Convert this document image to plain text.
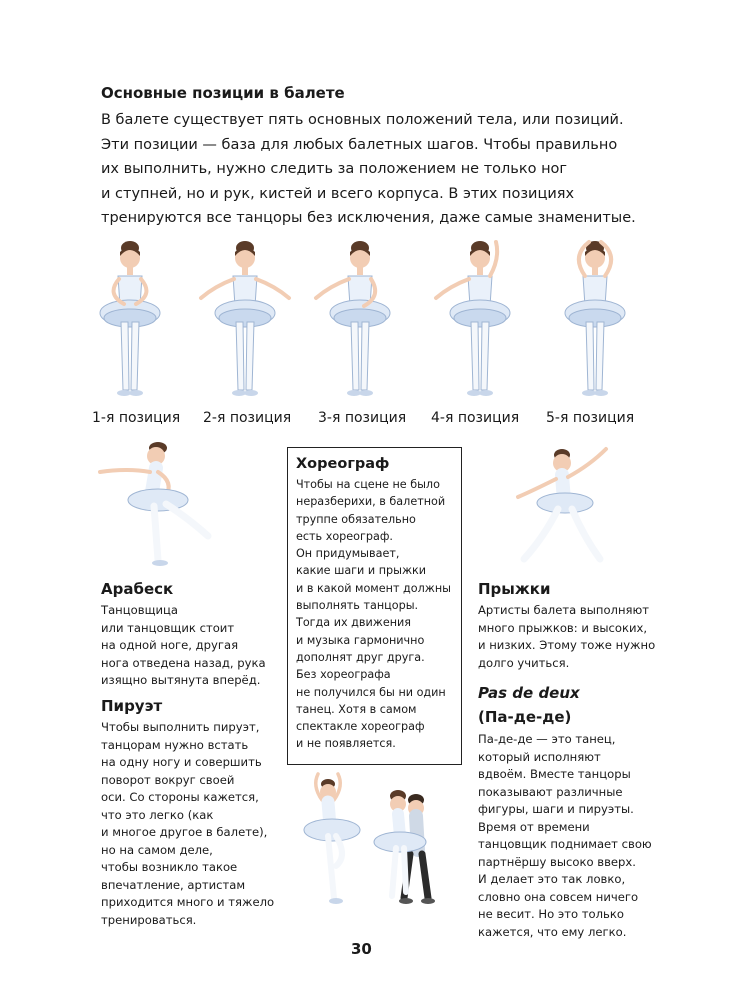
Основные позиции в балете
В балете существует пять основных положений тела, или позиций.
Эти позиции — база для любых балетных шагов. Чтобы правильно
их выполнить, нужно следить за положением не только ног
и ступней, но и рук, кистей и всего корпуса. В этих позициях
тренируются все танцоры без исключения, даже самые знаменитые.
1-я позиция 2-я позиция 3-я позиция 4-я позиция 5-я позиция
Арабеск
Танцовщица
или танцовщик стоит
на одной ноге, другая
нога отведена назад, рука
изящно вытянута вперёд.
Пируэт
Чтобы выполнить пируэт,
танцорам нужно встать
на одну ногу и совершить
поворот вокруг своей
оси. Со стороны кажется,
что это легко (как
и многое другое в балете),
но на самом деле,
чтобы возникло такое
впечатление, артистам
приходится много и тяжело
тренироваться.
Хореограф
Чтобы на сцене не было
неразберихи, в балетной
труппе обязательно
есть хореограф.
Он придумывает,
какие шаги и прыжки
и в какой момент должны
выполнять танцоры.
Тогда их движения
и музыка гармонично
дополнят друг друга.
Без хореографа
не получился бы ни один
танец. Хотя в самом
спектакле хореограф
и не появляется.
Прыжки
Артисты балета выполняют
много прыжков: и высоких,
и низких. Этому тоже нужно
долго учиться.
Pas de deux
(Па-де-де)
Па-де-де — это танец,
который исполняют
вдвоём. Вместе танцоры
показывают различные
фигуры, шаги и пируэты.
Время от времени
танцовщик поднимает свою
партнёршу высоко вверх.
И делает это так ловко,
словно она совсем ничего
не весит. Но это только
кажется, что ему легко.
30
